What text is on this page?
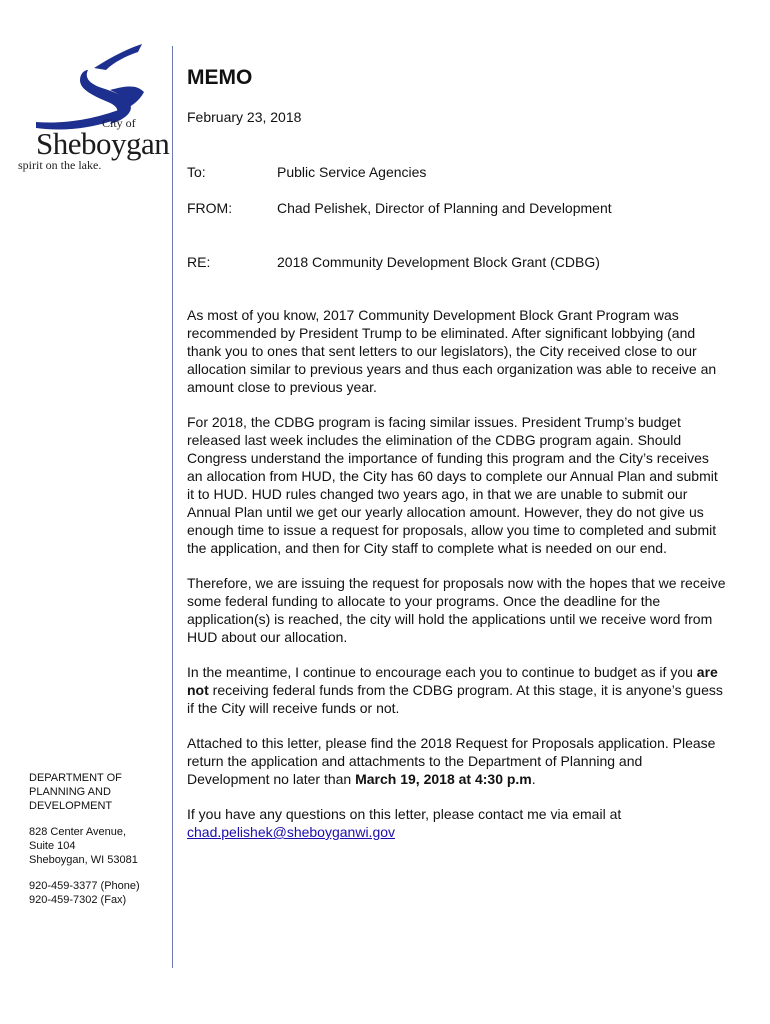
City of
Sheboygan
spirit on the lake.
MEMO

February 23, 2018

To:	Public Service Agencies
FROM:	Chad Pelishek, Director of Planning and Development
RE:	2018 Community Development Block Grant (CDBG)

As most of you know, 2017 Community Development Block Grant Program was recommended by President Trump to be eliminated. After significant lobbying (and thank you to ones that sent letters to our legislators), the City received close to our allocation similar to previous years and thus each organization was able to receive an amount close to previous year.

For 2018, the CDBG program is facing similar issues. President Trump’s budget released last week includes the elimination of the CDBG program again. Should Congress understand the importance of funding this program and the City’s receives an allocation from HUD, the City has 60 days to complete our Annual Plan and submit it to HUD. HUD rules changed two years ago, in that we are unable to submit our Annual Plan until we get our yearly allocation amount. However, they do not give us enough time to issue a request for proposals, allow you time to completed and submit the application, and then for City staff to complete what is needed on our end.

Therefore, we are issuing the request for proposals now with the hopes that we receive some federal funding to allocate to your programs. Once the deadline for the application(s) is reached, the city will hold the applications until we receive word from HUD about our allocation.

In the meantime, I continue to encourage each you to continue to budget as if you are not receiving federal funds from the CDBG program. At this stage, it is anyone’s guess if the City will receive funds or not.

Attached to this letter, please find the 2018 Request for Proposals application. Please return the application and attachments to the Department of Planning and Development no later than March 19, 2018 at 4:30 p.m.

If you have any questions on this letter, please contact me via email at chad.pelishek@sheboyganwi.gov

DEPARTMENT OF
PLANNING AND
DEVELOPMENT
828 Center Avenue,
Suite 104
Sheboygan, WI 53081
920-459-3377 (Phone)
920-459-7302 (Fax)
